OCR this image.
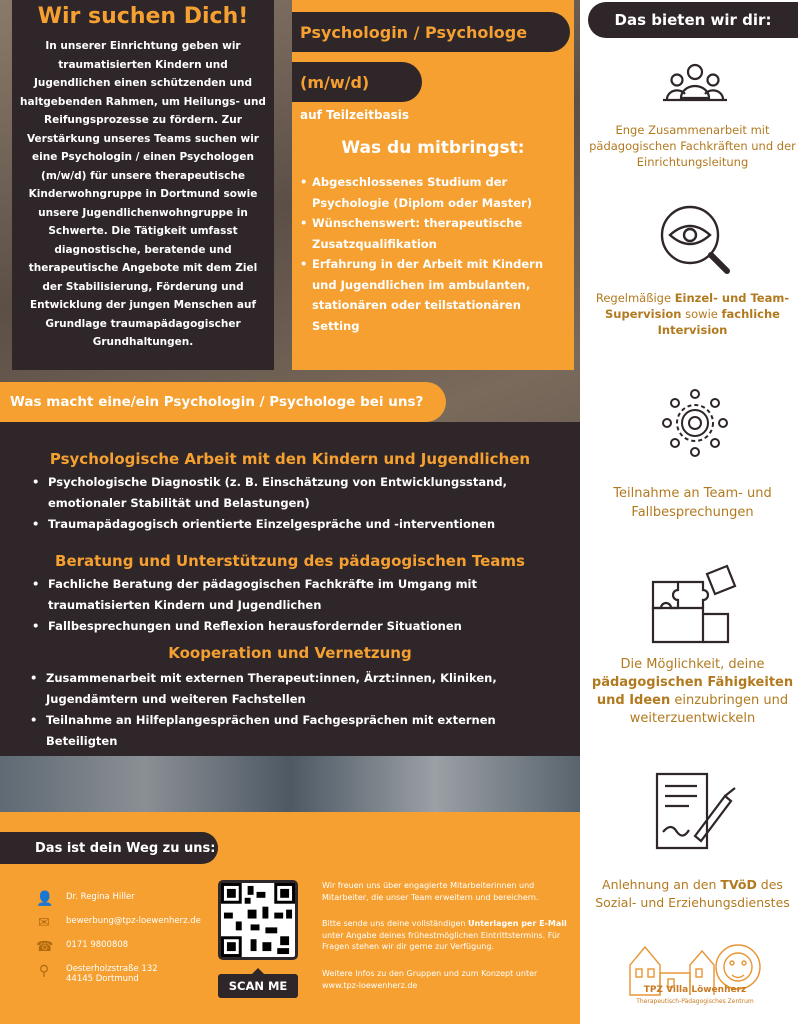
Wir suchen Dich!

In unserer Einrichtung geben wir traumatisierten Kindern und Jugendlichen einen schützenden und haltgebenden Rahmen, um Heilungs- und Reifungsprozesse zu fördern. Zur Verstärkung unseres Teams suchen wir eine Psychologin / einen Psychologen (m/w/d) für unsere therapeutische Kinderwohngruppe in Dortmund sowie unsere Jugendlichenwohngruppe in Schwerte. Die Tätigkeit umfasst diagnostische, beratende und therapeutische Angebote mit dem Ziel der Stabilisierung, Förderung und Entwicklung der jungen Menschen auf Grundlage traumapädagogischer Grundhaltungen.

Psychologin / Psychologe
(m/w/d)
auf Teilzeitbasis
Was du mitbringst:
• Abgeschlossenes Studium der Psychologie (Diplom oder Master)
• Wünschenswert: therapeutische Zusatzqualifikation
• Erfahrung in der Arbeit mit Kindern und Jugendlichen im ambulanten, stationären oder teilstationären Setting
Was macht eine/ein Psychologin / Psychologe bei uns?
Psychologische Arbeit mit den Kindern und Jugendlichen
• Psychologische Diagnostik (z. B. Einschätzung von Entwicklungsstand, emotionaler Stabilität und Belastungen)
• Traumapädagogisch orientierte Einzelgespräche und -interventionen
Beratung und Unterstützung des pädagogischen Teams
• Fachliche Beratung der pädagogischen Fachkräfte im Umgang mit traumatisierten Kindern und Jugendlichen
• Fallbesprechungen und Reflexion herausfordernder Situationen
Kooperation und Vernetzung
• Zusammenarbeit mit externen Therapeut:innen, Ärzt:innen, Kliniken, Jugendämtern und weiteren Fachstellen
• Teilnahme an Hilfeplangesprächen und Fachgesprächen mit externen Beteiligten
Das ist dein Weg zu uns:
👤 Dr. Regina Hiller
✉ bewerbung@tpz-loewenherz.de
☎ 0171 9800808
⚲	Oesterholzstraße 132
44145 Dortmund	SCAN ME
Wir freuen uns über engagierte Mitarbeiterinnen und Mitarbeiter, die unser Team erweitern und bereichern.
Bitte sende uns deine vollständigen Unterlagen per E-Mail unter Angabe deines frühestmöglichen Eintrittstermins. Für Fragen stehen wir dir gerne zur Verfügung.
Weitere Infos zu den Gruppen und zum Konzept unter www.tpz-loewenherz.de
Das bieten wir dir:
Enge Zusammenarbeit mit pädagogischen Fachkräften und der Einrichtungsleitung
Regelmäßige Einzel- und Team-Supervision sowie fachliche Intervision
Teilnahme an Team- und Fallbesprechungen
Die Möglichkeit, deine pädagogischen Fähigkeiten und Ideen einzubringen und weiterzuentwickeln
Anlehnung an den TVöD des Sozial- und Erziehungsdienstes
TPZ Villa Löwenherz
Therapeutisch-Pädagogisches Zentrum
